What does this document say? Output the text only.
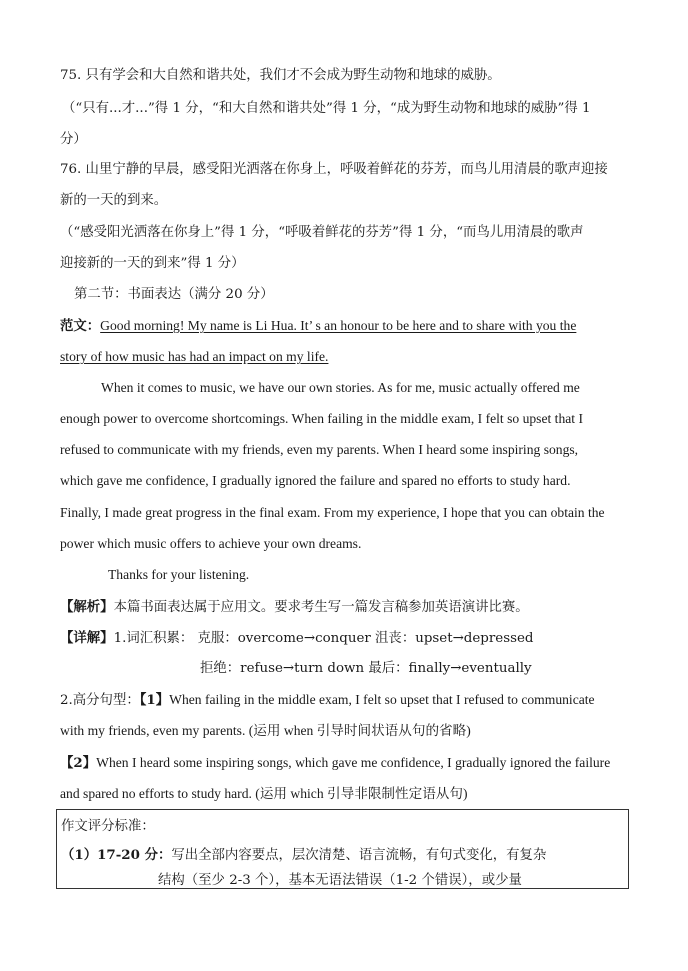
75. 只有学会和大自然和谐共处，我们才不会成为野生动物和地球的威胁。
（“只有...才...”得 1 分，“和大自然和谐共处”得 1 分，“成为野生动物和地球的威胁”得 1
分）
76. 山里宁静的早晨，感受阳光洒落在你身上，呼吸着鲜花的芬芳，而鸟儿用清晨的歌声迎接
新的一天的到来。
（“感受阳光洒落在你身上”得 1 分，“呼吸着鲜花的芬芳”得 1 分，“而鸟儿用清晨的歌声
迎接新的一天的到来”得 1 分）
第二节：书面表达（满分 20 分）
范文：Good morning! My name is Li Hua. It’ s an honour to be here and to share with you the
story of how music has had an impact on my life.
When it comes to music, we have our own stories. As for me, music actually offered me
enough power to overcome shortcomings. When failing in the middle exam, I felt so upset that I
refused to communicate with my friends, even my parents. When I heard some inspiring songs,
which gave me confidence, I gradually ignored the failure and spared no efforts to study hard.
Finally, I made great progress in the final exam. From my experience, I hope that you can obtain the
power which music offers to achieve your own dreams.
Thanks for your listening.
【解析】本篇书面表达属于应用文。要求考生写一篇发言稿参加英语演讲比赛。
【详解】1.词汇积累： 克服：overcome→conquer 沮丧：upset→depressed
拒绝：refuse→turn down 最后：finally→eventually
2.高分句型：【1】When failing in the middle exam, I felt so upset that I refused to communicate
with my friends, even my parents. (运用 when 引导时间状语从句的省略)
【2】When I heard some inspiring songs, which gave me confidence, I gradually ignored the failure
and spared no efforts to study hard. (运用 which 引导非限制性定语从句)
作文评分标准：
（1）17-20 分：写出全部内容要点，层次清楚、语言流畅，有句式变化，有复杂
结构（至少 2-3 个），基本无语法错误（1-2 个错误），或少量
